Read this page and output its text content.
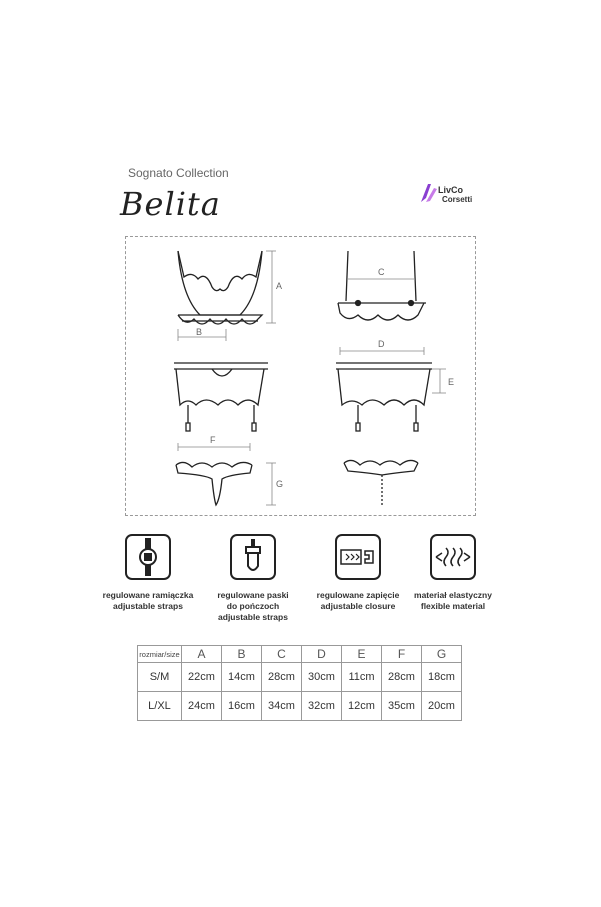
Sognato Collection
Belita	LivCo
Corsetti
A
B
C
D
E
F
G
regulowane ramiączka
adjustable straps
regulowane paski
do pończoch
adjustable straps
regulowane zapięcie
adjustable closure
materiał elastyczny
flexible material
rozmiar/size	A	B	C	D	E	F	G
S/M	22cm	14cm	28cm	30cm	11cm	28cm	18cm
L/XL	24cm	16cm	34cm	32cm	12cm	35cm	20cm
